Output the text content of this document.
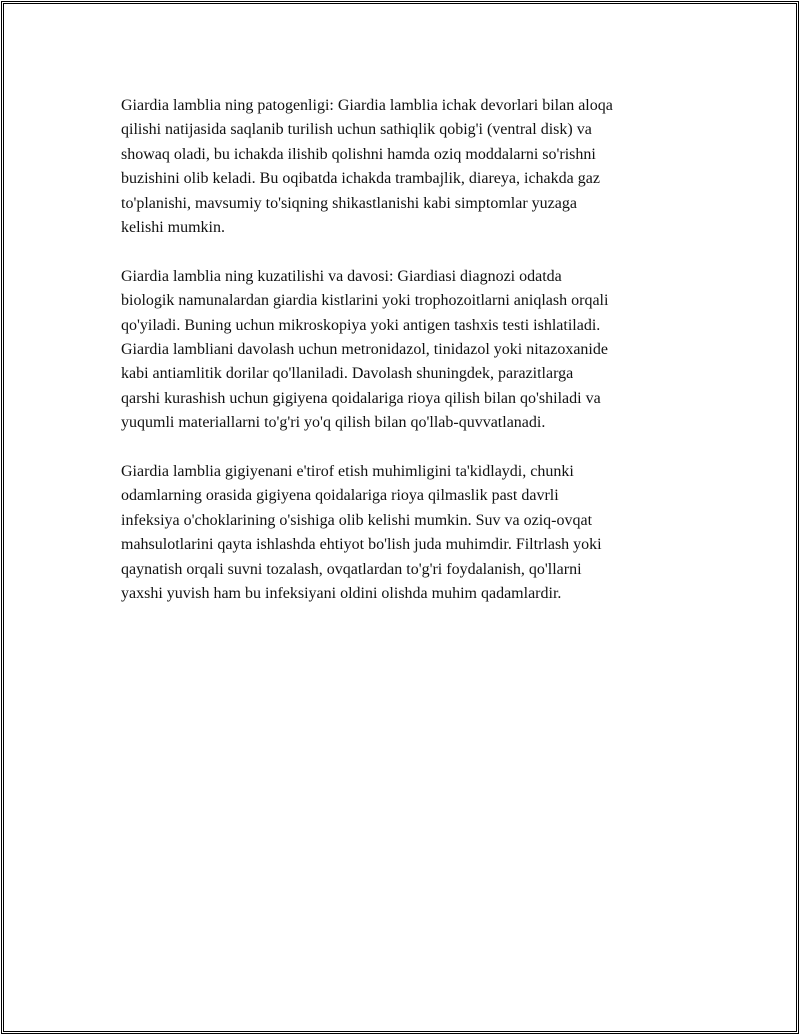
Giardia lamblia ning patogenligi: Giardia lamblia ichak devorlari bilan aloqa
qilishi natijasida saqlanib turilish uchun sathiqlik qobig'i (ventral disk) va
showaq oladi, bu ichakda ilishib qolishni hamda oziq moddalarni so'rishni
buzishini olib keladi. Bu oqibatda ichakda trambajlik, diareya, ichakda gaz
to'planishi, mavsumiy to'siqning shikastlanishi kabi simptomlar yuzaga
kelishi mumkin.

Giardia lamblia ning kuzatilishi va davosi: Giardiasi diagnozi odatda
biologik namunalardan giardia kistlarini yoki trophozoitlarni aniqlash orqali
qo'yiladi. Buning uchun mikroskopiya yoki antigen tashxis testi ishlatiladi.
Giardia lambliani davolash uchun metronidazol, tinidazol yoki nitazoxanide
kabi antiamlitik dorilar qo'llaniladi. Davolash shuningdek, parazitlarga
qarshi kurashish uchun gigiyena qoidalariga rioya qilish bilan qo'shiladi va
yuqumli materiallarni to'g'ri yo'q qilish bilan qo'llab-quvvatlanadi.

Giardia lamblia gigiyenani e'tirof etish muhimligini ta'kidlaydi, chunki
odamlarning orasida gigiyena qoidalariga rioya qilmaslik past davrli
infeksiya o'choklarining o'sishiga olib kelishi mumkin. Suv va oziq-ovqat
mahsulotlarini qayta ishlashda ehtiyot bo'lish juda muhimdir. Filtrlash yoki
qaynatish orqali suvni tozalash, ovqatlardan to'g'ri foydalanish, qo'llarni
yaxshi yuvish ham bu infeksiyani oldini olishda muhim qadamlardir.
